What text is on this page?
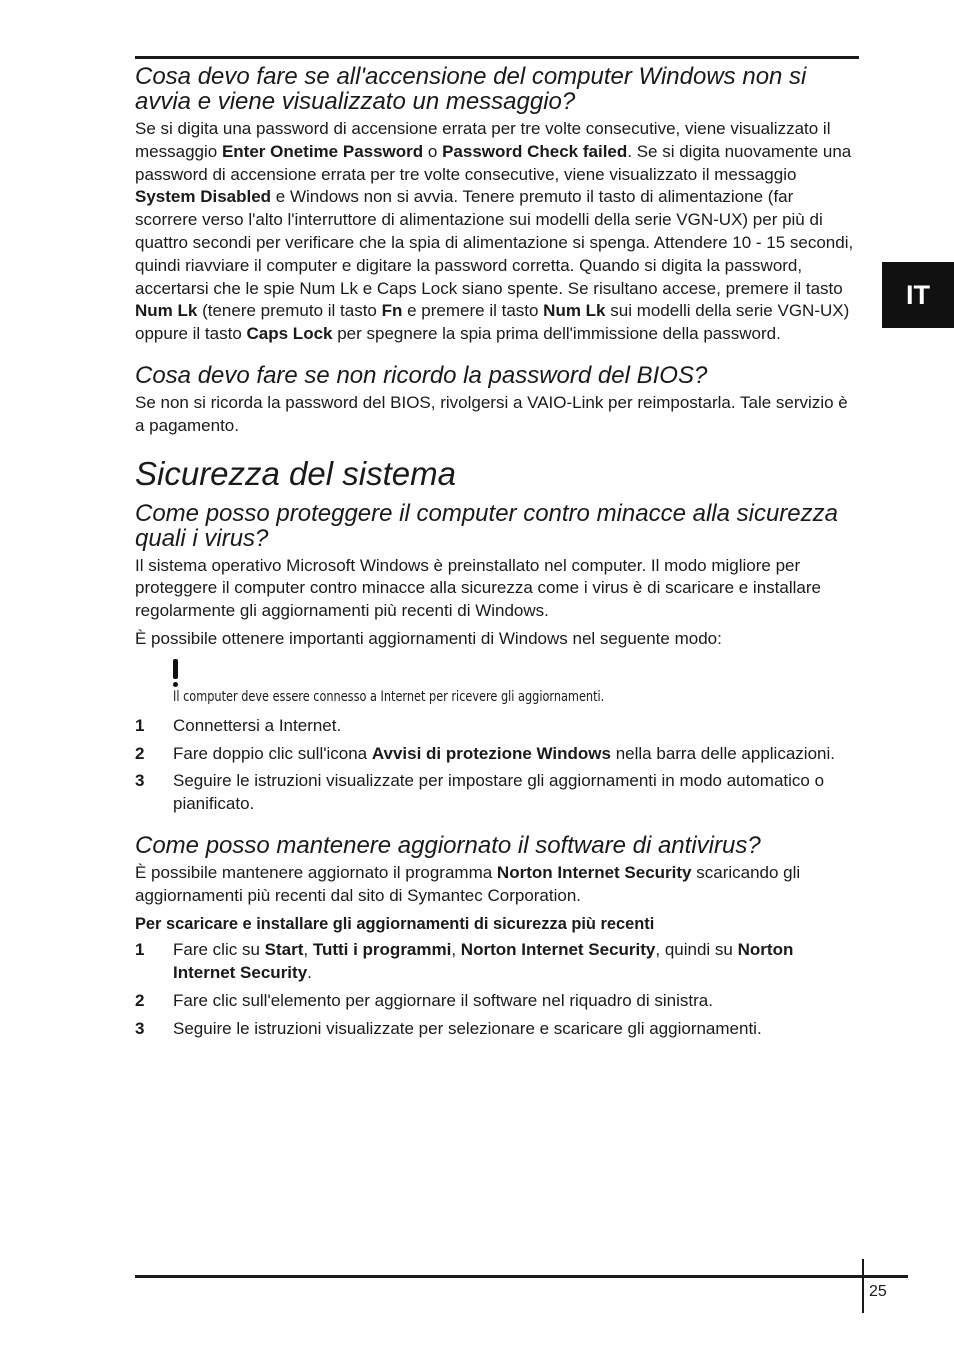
IT
Cosa devo fare se all'accensione del computer Windows non si avvia e viene visualizzato un messaggio?

Se si digita una password di accensione errata per tre volte consecutive, viene visualizzato il messaggio Enter Onetime Password o Password Check failed. Se si digita nuovamente una password di accensione errata per tre volte consecutive, viene visualizzato il messaggio System Disabled e Windows non si avvia. Tenere premuto il tasto di alimentazione (far scorrere verso l'alto l'interruttore di alimentazione sui modelli della serie VGN-UX) per più di quattro secondi per verificare che la spia di alimentazione si spenga. Attendere 10 - 15 secondi, quindi riavviare il computer e digitare la password corretta. Quando si digita la password, accertarsi che le spie Num Lk e Caps Lock siano spente. Se risultano accese, premere il tasto Num Lk (tenere premuto il tasto Fn e premere il tasto Num Lk sui modelli della serie VGN-UX) oppure il tasto Caps Lock per spegnere la spia prima dell'immissione della password.

Cosa devo fare se non ricordo la password del BIOS?

Se non si ricorda la password del BIOS, rivolgersi a VAIO-Link per reimpostarla. Tale servizio è a pagamento.

Sicurezza del sistema
Come posso proteggere il computer contro minacce alla sicurezza quali i virus?

Il sistema operativo Microsoft Windows è preinstallato nel computer. Il modo migliore per proteggere il computer contro minacce alla sicurezza come i virus è di scaricare e installare regolarmente gli aggiornamenti più recenti di Windows.

È possibile ottenere importanti aggiornamenti di Windows nel seguente modo:

Il computer deve essere connesso a Internet per ricevere gli aggiornamenti.
1	Connettersi a Internet.
2	Fare doppio clic sull'icona Avvisi di protezione Windows nella barra delle applicazioni.
3	Seguire le istruzioni visualizzate per impostare gli aggiornamenti in modo automatico o pianificato.
Come posso mantenere aggiornato il software di antivirus?

È possibile mantenere aggiornato il programma Norton Internet Security scaricando gli aggiornamenti più recenti dal sito di Symantec Corporation.

Per scaricare e installare gli aggiornamenti di sicurezza più recenti

1	Fare clic su Start, Tutti i programmi, Norton Internet Security, quindi su Norton Internet Security.
2	Fare clic sull'elemento per aggiornare il software nel riquadro di sinistra.
3	Seguire le istruzioni visualizzate per selezionare e scaricare gli aggiornamenti.
25
